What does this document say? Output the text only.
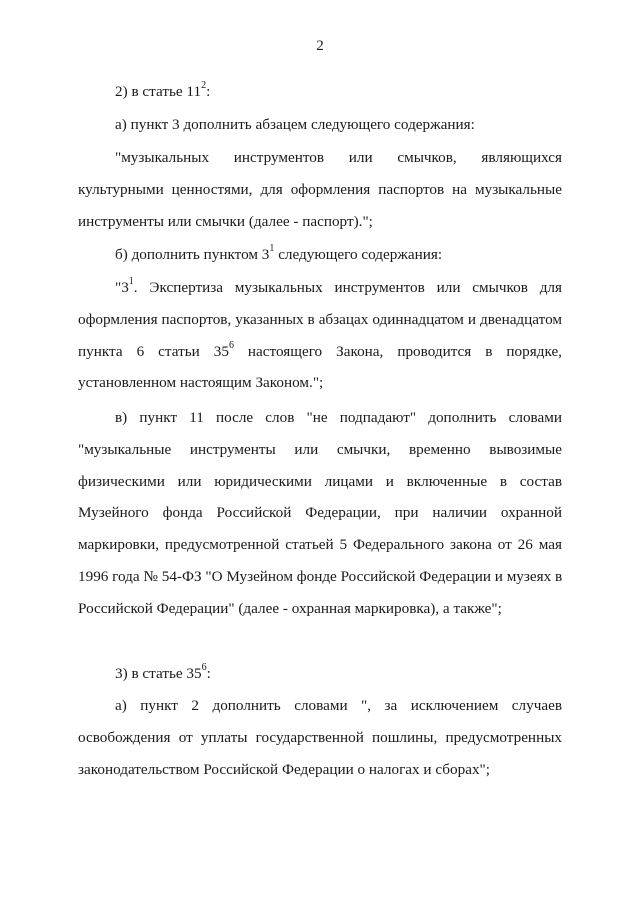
2
2) в статье $11^2$:
а) пункт 3 дополнить абзацем следующего содержания:
"музыкальных инструментов или смычков, являющихся
культурными ценностями, для оформления паспортов на музыкальные
инструменты или смычки (далее - паспорт).";
б) дополнить пунктом $3^1$ следующего содержания:
"$3^1$. Экспертиза музыкальных инструментов или смычков для
оформления паспортов, указанных в абзацах одиннадцатом и двенадцатом
пункта 6 статьи $35^6$ настоящего Закона, проводится в порядке,
установленном настоящим Законом.";
в) пункт 11 после слов "не подпадают" дополнить словами
"музыкальные инструменты или смычки, временно вывозимые
физическими или юридическими лицами и включенные в состав
Музейного фонда Российской Федерации, при наличии охранной
маркировки, предусмотренной статьей 5 Федерального закона от 26 мая
1996 года № 54-ФЗ "О Музейном фонде Российской Федерации и музеях в
Российской Федерации" (далее - охранная маркировка), а также";
3) в статье $35^6$:
а) пункт 2 дополнить словами ", за исключением случаев
освобождения от уплаты государственной пошлины, предусмотренных
законодательством Российской Федерации о налогах и сборах";
